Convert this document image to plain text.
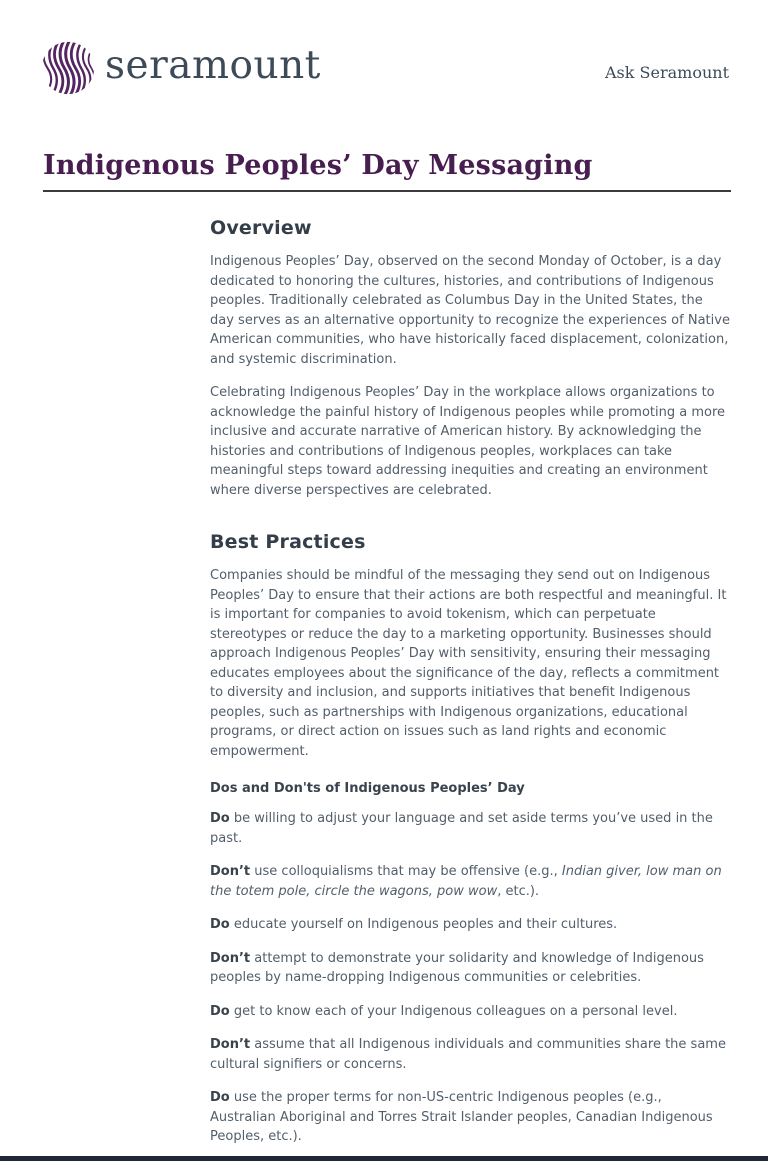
seramount	Ask Seramount
Indigenous Peoples’ Day Messaging
Overview

Indigenous Peoples’ Day, observed on the second Monday of October, is a day dedicated to honoring the cultures, histories, and contributions of Indigenous peoples. Traditionally celebrated as Columbus Day in the United States, the day serves as an alternative opportunity to recognize the experiences of Native American communities, who have historically faced displacement, colonization, and systemic discrimination.

Celebrating Indigenous Peoples’ Day in the workplace allows organizations to acknowledge the painful history of Indigenous peoples while promoting a more inclusive and accurate narrative of American history. By acknowledging the histories and contributions of Indigenous peoples, workplaces can take meaningful steps toward addressing inequities and creating an environment where diverse perspectives are celebrated.

Best Practices

Companies should be mindful of the messaging they send out on Indigenous Peoples’ Day to ensure that their actions are both respectful and meaningful. It is important for companies to avoid tokenism, which can perpetuate stereotypes or reduce the day to a marketing opportunity. Businesses should approach Indigenous Peoples’ Day with sensitivity, ensuring their messaging educates employees about the significance of the day, reflects a commitment to diversity and inclusion, and supports initiatives that benefit Indigenous peoples, such as partnerships with Indigenous organizations, educational programs, or direct action on issues such as land rights and economic empowerment.

Dos and Don'ts of Indigenous Peoples’ Day

Do be willing to adjust your language and set aside terms you’ve used in the past.

Don’t use colloquialisms that may be offensive (e.g., Indian giver, low man on the totem pole, circle the wagons, pow wow, etc.).

Do educate yourself on Indigenous peoples and their cultures.

Don’t attempt to demonstrate your solidarity and knowledge of Indigenous peoples by name-dropping Indigenous communities or celebrities.

Do get to know each of your Indigenous colleagues on a personal level.

Don’t assume that all Indigenous individuals and communities share the same cultural signifiers or concerns.

Do use the proper terms for non-US-centric Indigenous peoples (e.g., Australian Aboriginal and Torres Strait Islander peoples, Canadian Indigenous Peoples, etc.).
